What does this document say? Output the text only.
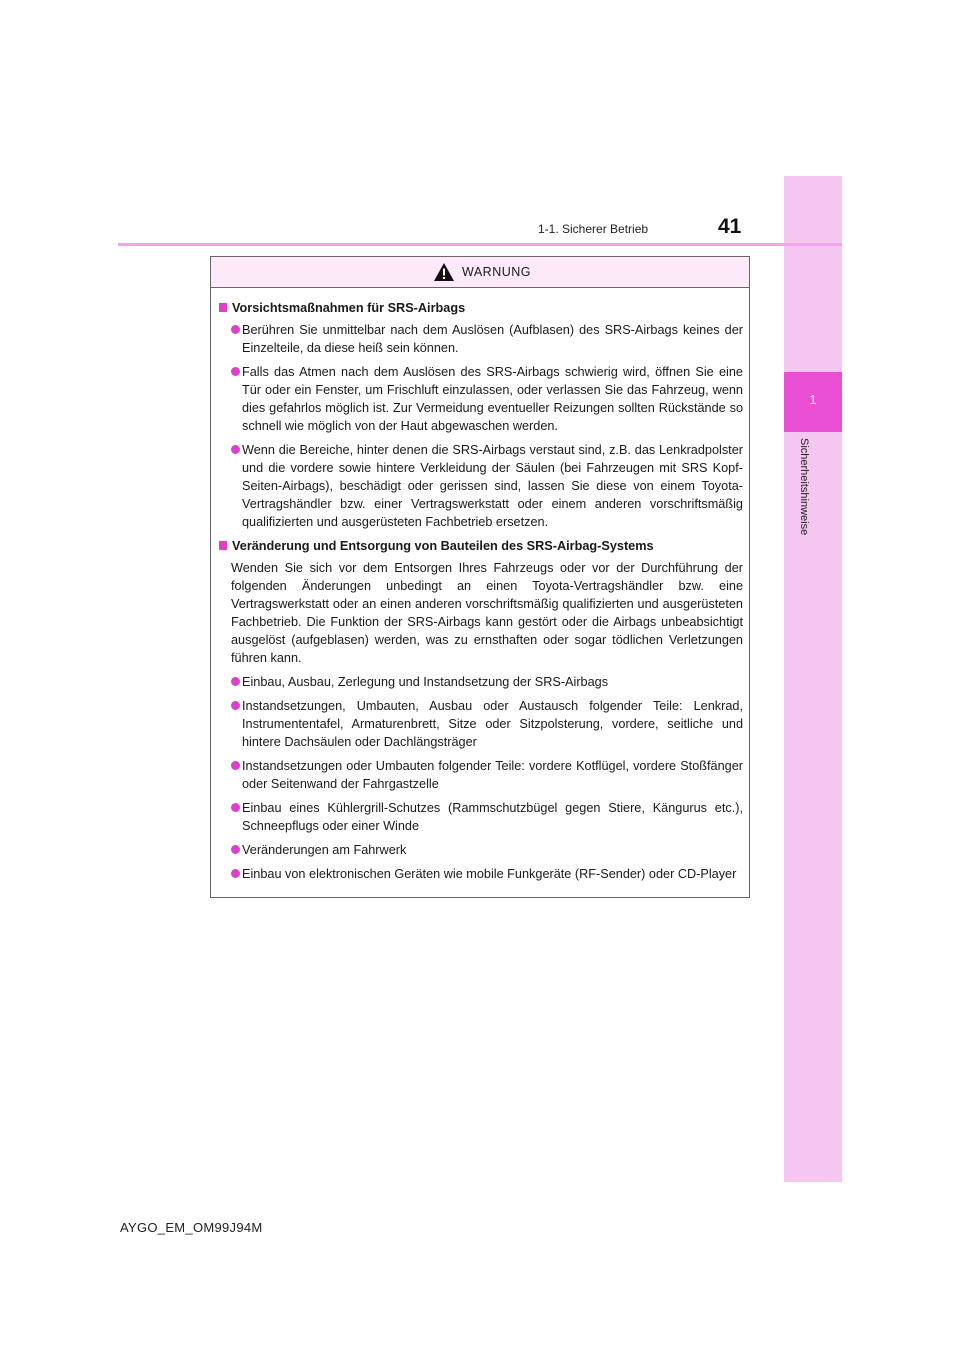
1
Sicherheitshinweise
1-1. Sicherer Betrieb	41
WARNUNG
Vorsichtsmaßnahmen für SRS-Airbags
Berühren Sie unmittelbar nach dem Auslösen (Aufblasen) des SRS-Airbags keines der Einzelteile, da diese heiß sein können.
Falls das Atmen nach dem Auslösen des SRS-Airbags schwierig wird, öffnen Sie eine Tür oder ein Fenster, um Frischluft einzulassen, oder verlassen Sie das Fahrzeug, wenn dies gefahrlos möglich ist. Zur Vermeidung eventueller Reizungen sollten Rückstände so schnell wie möglich von der Haut abgewaschen werden.
Wenn die Bereiche, hinter denen die SRS-Airbags verstaut sind, z.B. das Lenkradpolster und die vordere sowie hintere Verkleidung der Säulen (bei Fahrzeugen mit SRS Kopf-Seiten-Airbags), beschädigt oder gerissen sind, lassen Sie diese von einem Toyota-Vertragshändler bzw. einer Vertragswerkstatt oder einem anderen vorschriftsmäßig qualifizierten und ausgerüsteten Fachbetrieb ersetzen.
Veränderung und Entsorgung von Bauteilen des SRS-Airbag-Systems
Wenden Sie sich vor dem Entsorgen Ihres Fahrzeugs oder vor der Durchführung der folgenden Änderungen unbedingt an einen Toyota-Vertragshändler bzw. eine Vertragswerkstatt oder an einen anderen vorschriftsmäßig qualifizierten und ausgerüsteten Fachbetrieb. Die Funktion der SRS-Airbags kann gestört oder die Airbags unbeabsichtigt ausgelöst (aufgeblasen) werden, was zu ernsthaften oder sogar tödlichen Verletzungen führen kann.
Einbau, Ausbau, Zerlegung und Instandsetzung der SRS-Airbags
Instandsetzungen, Umbauten, Ausbau oder Austausch folgender Teile: Lenkrad, Instrumententafel, Armaturenbrett, Sitze oder Sitzpolsterung, vordere, seitliche und hintere Dachsäulen oder Dachlängsträger
Instandsetzungen oder Umbauten folgender Teile: vordere Kotflügel, vordere Stoßfänger oder Seitenwand der Fahrgastzelle
Einbau eines Kühlergrill-Schutzes (Rammschutzbügel gegen Stiere, Kängurus etc.), Schneepflugs oder einer Winde
Veränderungen am Fahrwerk
Einbau von elektronischen Geräten wie mobile Funkgeräte (RF-Sender) oder CD-Player
AYGO_EM_OM99J94M
